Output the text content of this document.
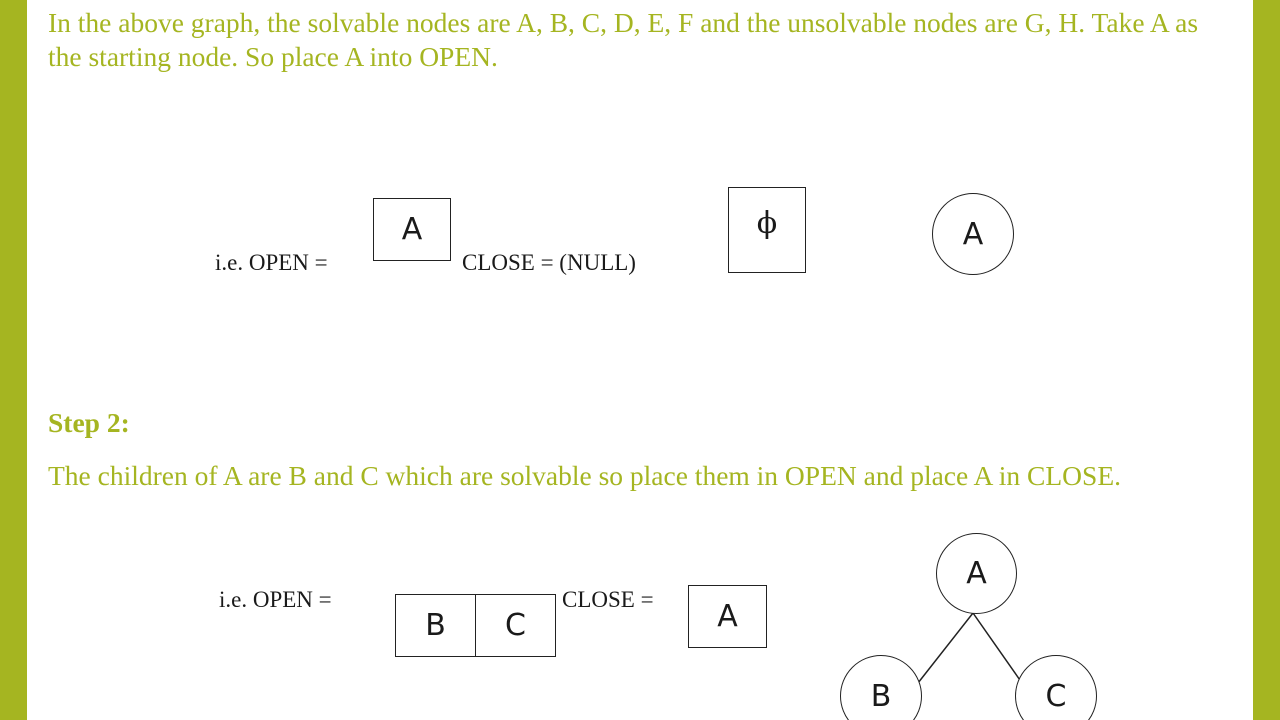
In the above graph, the solvable nodes are A, B, C, D, E, F and the unsolvable nodes are G, H. Take A as the starting node. So place A into OPEN.

i.e. OPEN =
A
CLOSE = (NULL)
ϕ	A

Step 2:

The children of A are B and C which are solvable so place them in OPEN and place A in CLOSE.

i.e. OPEN =
B	C
CLOSE = A
A
B	C
